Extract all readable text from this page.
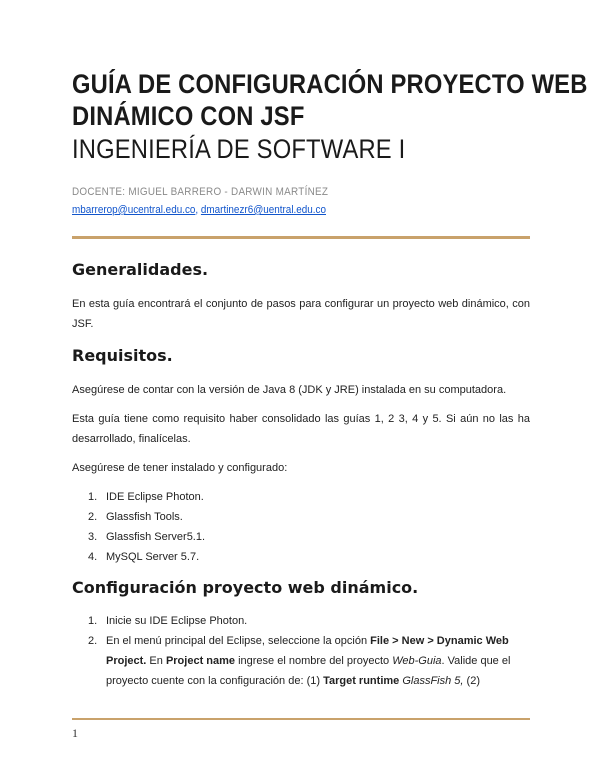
GUÍA DE CONFIGURACIÓN PROYECTO WEB
DINÁMICO CON JSF
INGENIERÍA DE SOFTWARE I
DOCENTE: MIGUEL BARRERO - DARWIN MARTÍNEZ
mbarrerop@ucentral.edu.co, dmartinezr6@uentral.edu.co
Generalidades.

En esta guía encontrará el conjunto de pasos para configurar un proyecto web dinámico, con JSF.

Requisitos.

Asegúrese de contar con la versión de Java 8 (JDK y JRE) instalada en su computadora.

Esta guía tiene como requisito haber consolidado las guías 1, 2 3, 4 y 5. Si aún no las ha desarrollado, finalícelas.

Asegúrese de tener instalado y configurado:

1. IDE Eclipse Photon.
2. Glassfish Tools.
3. Glassfish Server5.1.
4. MySQL Server 5.7.
Configuración proyecto web dinámico.
1. Inicie su IDE Eclipse Photon.
2. En el menú principal del Eclipse, seleccione la opción File > New > Dynamic Web Project. En Project name ingrese el nombre del proyecto Web-Guia. Valide que el proyecto cuente con la configuración de: (1) Target runtime GlassFish 5, (2)
1
